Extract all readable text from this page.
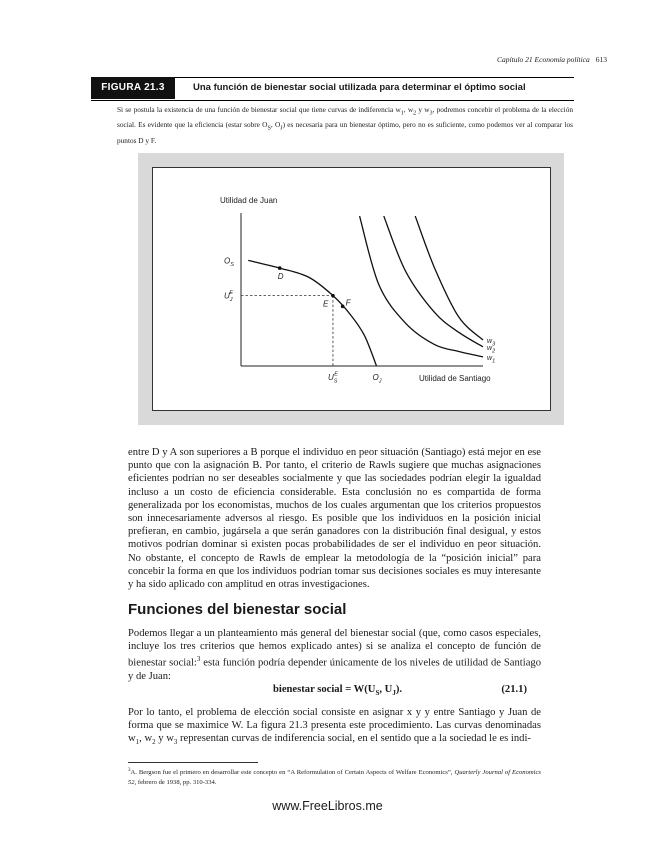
Capítulo 21 Economía política 613
FIGURA 21.3	Una función de bienestar social utilizada para determinar el óptimo social
Si se postula la existencia de una función de bienestar social que tiene curvas de indiferencia $w_1$, $w_2$ y $w_3$, podremos concebir el problema de la elección social. Es evidente que la eficiencia (estar sobre $O_S$, $O_J$) es necesaria para un bienestar óptimo, pero no es suficiente, como podemos ver al comparar los puntos D y F.
Utilidad de Juan
Utilidad de Santiago
$w_1$
$w_2$
$w_3$
D
E F
$O_S$
$U_JE$
$U_SE$	$O_J$

entre D y A son superiores a B porque el individuo en peor situación (Santiago) está mejor en ese punto que con la asignación B. Por tanto, el criterio de Rawls sugiere que muchas asignaciones eficientes podrían no ser deseables socialmente y que las sociedades podrían elegir la igualdad incluso a un costo de eficiencia considerable. Esta conclusión no es compartida de forma generalizada por los economistas, muchos de los cuales argumentan que los criterios propuestos son innecesariamente adversos al riesgo. Es posible que los individuos en la posición inicial prefieran, en cambio, jugársela a que serán ganadores con la distribución final desigual, y estos motivos podrían dominar si existen pocas probabilidades de ser el individuo en peor situación. No obstante, el concepto de Rawls de emplear la metodología de la “posición inicial” para concebir la forma en que los individuos podrían tomar sus decisiones sociales es muy interesante y ha sido aplicado con amplitud en otras investigaciones.

Funciones del bienestar social

Podemos llegar a un planteamiento más general del bienestar social (que, como casos especiales, incluye los tres criterios que hemos explicado antes) si se analiza el concepto de función de bienestar social:$^3$ esta función podría depender únicamente de los niveles de utilidad de Santiago y de Juan:

bienestar social = $W(U_S$, $U_J$).	(21.1)

Por lo tanto, el problema de elección social consiste en asignar x y y entre Santiago y Juan de forma que se maximice W. La figura 21.3 presenta este procedimiento. Las curvas denominadas $w_1$, $w_2$ y $w_3$ representan curvas de indiferencia social, en el sentido que a la sociedad le es indi-

$^3$A. Bergson fue el primero en desarrollar este concepto en “A Reformulation of Certain Aspects of Welfare Economics”, Quarterly Journal of Economics 52, febrero de 1938, pp. 310-334.
www.FreeLibros.me
